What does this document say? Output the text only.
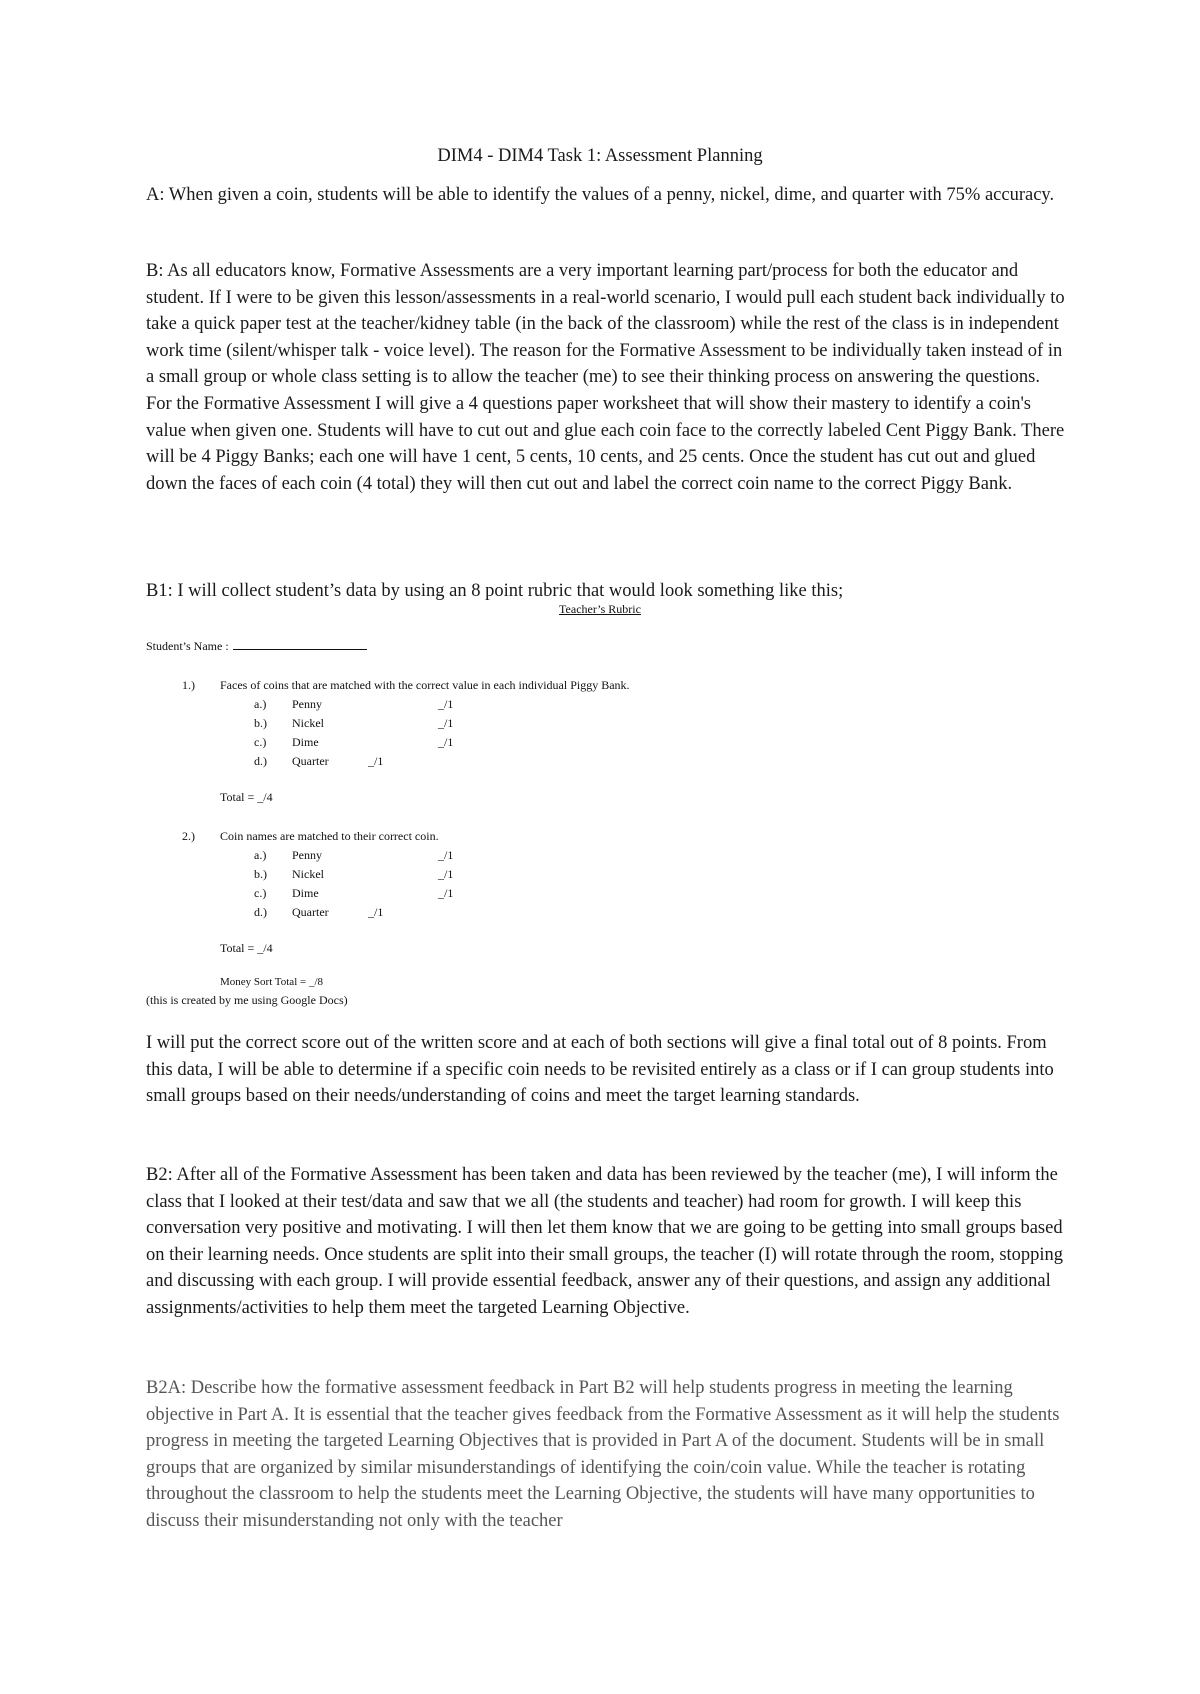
DIM4 - DIM4 Task 1: Assessment Planning

A: When given a coin, students will be able to identify the values of a penny, nickel, dime, and quarter with 75% accuracy.

B: As all educators know, Formative Assessments are a very important learning part/process for both the educator and student. If I were to be given this lesson/assessments in a real-world scenario, I would pull each student back individually to take a quick paper test at the teacher/kidney table (in the back of the classroom) while the rest of the class is in independent work time (silent/whisper talk - voice level). The reason for the Formative Assessment to be individually taken instead of in a small group or whole class setting is to allow the teacher (me) to see their thinking process on answering the questions. For the Formative Assessment I will give a 4 questions paper worksheet that will show their mastery to identify a coin's value when given one. Students will have to cut out and glue each coin face to the correctly labeled Cent Piggy Bank. There will be 4 Piggy Banks; each one will have 1 cent, 5 cents, 10 cents, and 25 cents. Once the student has cut out and glued down the faces of each coin (4 total) they will then cut out and label the correct coin name to the correct Piggy Bank.

B1: I will collect student’s data by using an 8 point rubric that would look something like this;

Teacher’s Rubric
Student’s Name :
1.) Faces of coins that are matched with the correct value in each individual Piggy Bank.
a.) Penny	_/1
b.) Nickel	_/1
c.) Dime	_/1
d.) Quarter	_/1
Total = _/4
2.) Coin names are matched to their correct coin.
a.) Penny	_/1
b.) Nickel	_/1
c.) Dime	_/1
d.) Quarter	_/1
Total = _/4
Money Sort Total = _/8
(this is created by me using Google Docs)

I will put the correct score out of the written score and at each of both sections will give a final total out of 8 points. From this data, I will be able to determine if a specific coin needs to be revisited entirely as a class or if I can group students into small groups based on their needs/understanding of coins and meet the target learning standards.

B2: After all of the Formative Assessment has been taken and data has been reviewed by the teacher (me), I will inform the class that I looked at their test/data and saw that we all (the students and teacher) had room for growth. I will keep this conversation very positive and motivating. I will then let them know that we are going to be getting into small groups based on their learning needs. Once students are split into their small groups, the teacher (I) will rotate through the room, stopping and discussing with each group. I will provide essential feedback, answer any of their questions, and assign any additional assignments/activities to help them meet the targeted Learning Objective.

B2A: Describe how the formative assessment feedback in Part B2 will help students progress in meeting the learning objective in Part A. It is essential that the teacher gives feedback from the Formative Assessment as it will help the students progress in meeting the targeted Learning Objectives that is provided in Part A of the document. Students will be in small groups that are organized by similar misunderstandings of identifying the coin/coin value. While the teacher is rotating throughout the classroom to help the students meet the Learning Objective, the students will have many opportunities to discuss their misunderstanding not only with the teacher
